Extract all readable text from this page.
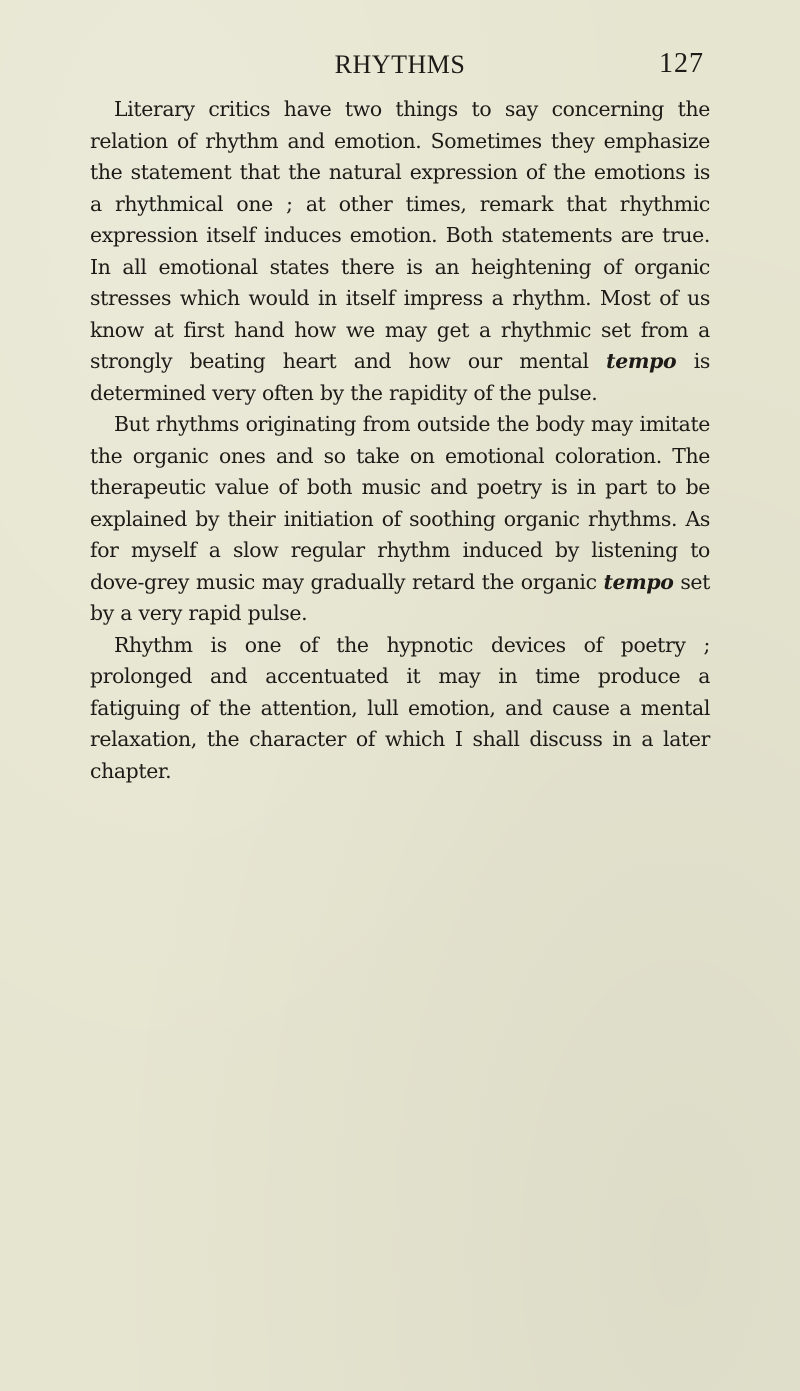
RHYTHMS	127

Literary critics have two things to say concerning the relation of rhythm and emotion. Sometimes they emphasize the statement that the natural expression of the emotions is a rhythmical one ; at other times, remark that rhythmic expression itself induces emotion. Both statements are true. In all emotional states there is an heightening of organic stresses which would in itself impress a rhythm. Most of us know at first hand how we may get a rhythmic set from a strongly beating heart and how our mental tempo is determined very often by the rapidity of the pulse.

But rhythms originating from outside the body may imitate the organic ones and so take on emotional coloration. The therapeutic value of both music and poetry is in part to be explained by their initiation of soothing organic rhythms. As for myself a slow regular rhythm induced by listening to dove-grey music may gradually retard the organic tempo set by a very rapid pulse.

Rhythm is one of the hypnotic devices of poetry ; prolonged and accentuated it may in time produce a fatiguing of the attention, lull emotion, and cause a mental relaxation, the character of which I shall discuss in a later chapter.
